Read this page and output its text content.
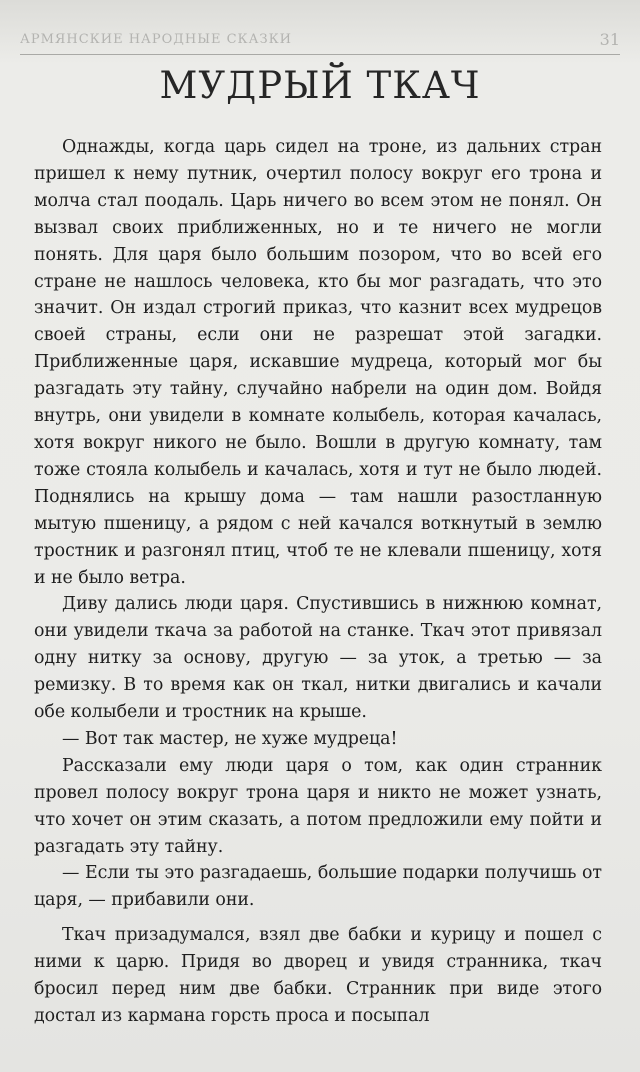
АРМЯНСКИЕ НАРОДНЫЕ СКАЗКИ	31
МУДРЫЙ ТКАЧ

Однажды, когда царь сидел на троне, из дальних стран пришел к нему путник, очертил полосу вокруг его трона и молча стал поодаль. Царь ничего во всем этом не понял. Он вызвал своих приближенных, но и те ничего не могли понять. Для царя было большим позором, что во всей его стране не нашлось человека, кто бы мог разгадать, что это значит. Он издал строгий приказ, что казнит всех мудрецов своей страны, если они не разрешат этой загадки. Приближенные царя, искавшие мудреца, который мог бы разгадать эту тайну, случайно набрели на один дом. Войдя внутрь, они увидели в комнате колыбель, которая качалась, хотя вокруг никого не было. Вошли в другую комнату, там тоже стояла колыбель и качалась, хотя и тут не было людей. Поднялись на крышу дома — там нашли разостланную мытую пшеницу, а рядом с ней качался воткнутый в землю тростник и разгонял птиц, чтоб те не клевали пшеницу, хотя и не было ветра.

Диву дались люди царя. Спустившись в нижнюю комнат, они увидели ткача за работой на станке. Ткач этот привязал одну нитку за основу, другую — за уток, а третью — за ремизку. В то время как он ткал, нитки двигались и качали обе колыбели и тростник на крыше.

— Вот так мастер, не хуже мудреца!

Рассказали ему люди царя о том, как один странник провел полосу вокруг трона царя и никто не может узнать, что хочет он этим сказать, а потом предложили ему пойти и разгадать эту тайну.

— Если ты это разгадаешь, большие подарки получишь от царя, — прибавили они.

Ткач призадумался, взял две бабки и курицу и пошел с ними к царю. Придя во дворец и увидя странника, ткач бросил перед ним две бабки. Странник при виде этого достал из кармана горсть проса и посыпал
